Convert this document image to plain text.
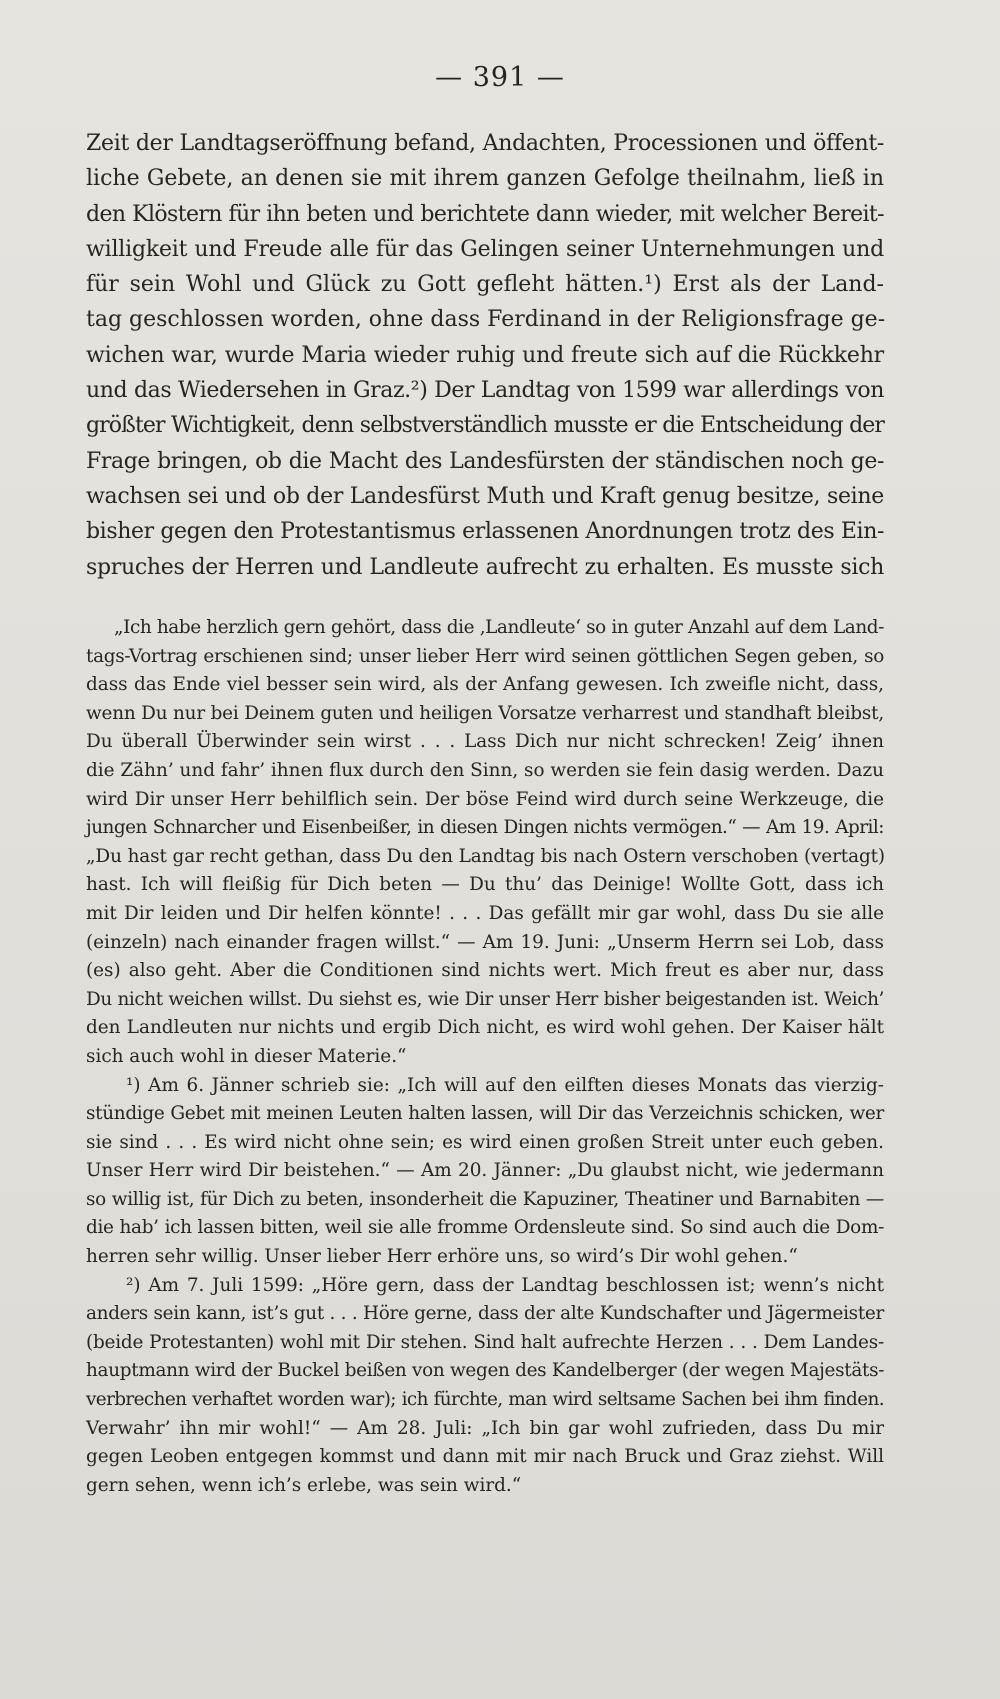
— 391 —
Zeit der Landtagseröffnung befand, Andachten, Processionen und öffent-
liche Gebete, an denen sie mit ihrem ganzen Gefolge theilnahm, ließ in
den Klöstern für ihn beten und berichtete dann wieder, mit welcher Bereit-
willigkeit und Freude alle für das Gelingen seiner Unternehmungen und
für sein Wohl und Glück zu Gott gefleht hätten.¹) Erst als der Land-
tag geschlossen worden, ohne dass Ferdinand in der Religionsfrage ge-
wichen war, wurde Maria wieder ruhig und freute sich auf die Rückkehr
und das Wiedersehen in Graz.²) Der Landtag von 1599 war allerdings von
größter Wichtigkeit, denn selbstverständlich musste er die Entscheidung der
Frage bringen, ob die Macht des Landesfürsten der ständischen noch ge-
wachsen sei und ob der Landesfürst Muth und Kraft genug besitze, seine
bisher gegen den Protestantismus erlassenen Anordnungen trotz des Ein-
spruches der Herren und Landleute aufrecht zu erhalten. Es musste sich
„Ich habe herzlich gern gehört, dass die ‚Landleute‘ so in guter Anzahl auf dem Land-
tags-Vortrag erschienen sind; unser lieber Herr wird seinen göttlichen Segen geben, so
dass das Ende viel besser sein wird, als der Anfang gewesen. Ich zweifle nicht, dass,
wenn Du nur bei Deinem guten und heiligen Vorsatze verharrest und standhaft bleibst,
Du überall Überwinder sein wirst . . . Lass Dich nur nicht schrecken! Zeig’ ihnen
die Zähn’ und fahr’ ihnen flux durch den Sinn, so werden sie fein dasig werden. Dazu
wird Dir unser Herr behilflich sein. Der böse Feind wird durch seine Werkzeuge, die
jungen Schnarcher und Eisenbeißer, in diesen Dingen nichts vermögen.“ — Am 19. April:
„Du hast gar recht gethan, dass Du den Landtag bis nach Ostern verschoben (vertagt)
hast. Ich will fleißig für Dich beten — Du thu’ das Deinige! Wollte Gott, dass ich
mit Dir leiden und Dir helfen könnte! . . . Das gefällt mir gar wohl, dass Du sie alle
(einzeln) nach einander fragen willst.“ — Am 19. Juni: „Unserm Herrn sei Lob, dass
(es) also geht. Aber die Conditionen sind nichts wert. Mich freut es aber nur, dass
Du nicht weichen willst. Du siehst es, wie Dir unser Herr bisher beigestanden ist. Weich’
den Landleuten nur nichts und ergib Dich nicht, es wird wohl gehen. Der Kaiser hält
sich auch wohl in dieser Materie.“
¹) Am 6. Jänner schrieb sie: „Ich will auf den eilften dieses Monats das vierzig-
stündige Gebet mit meinen Leuten halten lassen, will Dir das Verzeichnis schicken, wer
sie sind . . . Es wird nicht ohne sein; es wird einen großen Streit unter euch geben.
Unser Herr wird Dir beistehen.“ — Am 20. Jänner: „Du glaubst nicht, wie jedermann
so willig ist, für Dich zu beten, insonderheit die Kapuziner, Theatiner und Barnabiten —
die hab’ ich lassen bitten, weil sie alle fromme Ordensleute sind. So sind auch die Dom-
herren sehr willig. Unser lieber Herr erhöre uns, so wird’s Dir wohl gehen.“
²) Am 7. Juli 1599: „Höre gern, dass der Landtag beschlossen ist; wenn’s nicht
anders sein kann, ist’s gut . . . Höre gerne, dass der alte Kundschafter und Jägermeister
(beide Protestanten) wohl mit Dir stehen. Sind halt aufrechte Herzen . . . Dem Landes-
hauptmann wird der Buckel beißen von wegen des Kandelberger (der wegen Majestäts-
verbrechen verhaftet worden war); ich fürchte, man wird seltsame Sachen bei ihm finden.
Verwahr’ ihn mir wohl!“ — Am 28. Juli: „Ich bin gar wohl zufrieden, dass Du mir
gegen Leoben entgegen kommst und dann mit mir nach Bruck und Graz ziehst. Will
gern sehen, wenn ich’s erlebe, was sein wird.“
